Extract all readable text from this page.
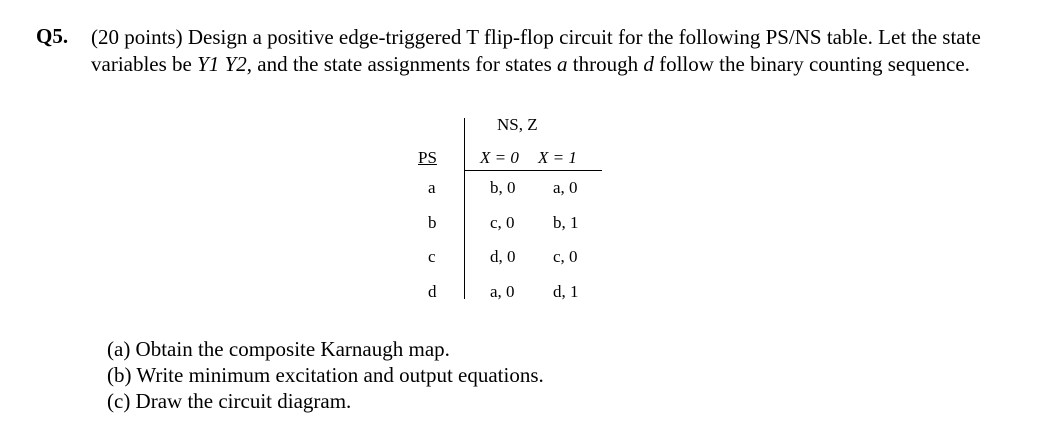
Q5. (20 points) Design a positive edge-triggered T flip-flop circuit for the following PS/NS table. Let the state variables be Y1 Y2, and the state assignments for states a through d follow the binary counting sequence.
NS, Z
PS	X = 0 X = 1
a	b, 0 a, 0
b	c, 0 b, 1
c	d, 0 c, 0
d	a, 0 d, 1
(a) Obtain the composite Karnaugh map.
(b) Write minimum excitation and output equations.
(c) Draw the circuit diagram.
